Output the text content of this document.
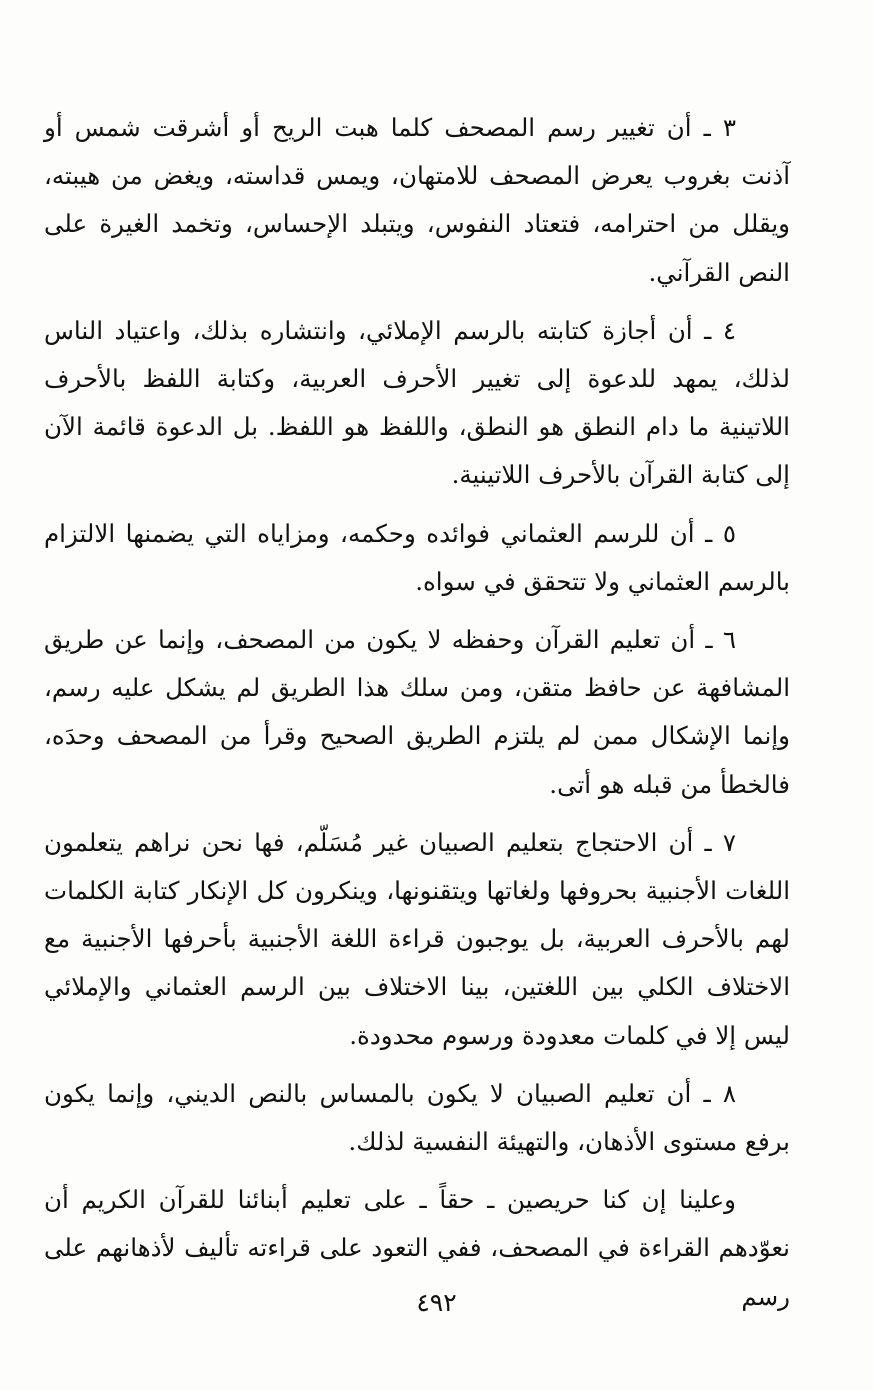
٣ ـ أن تغيير رسم المصحف كلما هبت الريح أو أشرقت شمس أو آذنت بغروب يعرض المصحف للامتهان، ويمس قداسته، ويغض من هيبته، ويقلل من احترامه، فتعتاد النفوس، ويتبلد الإحساس، وتخمد الغيرة على النص القرآني.

٤ ـ أن أجازة كتابته بالرسم الإملائي، وانتشاره بذلك، واعتياد الناس لذلك، يمهد للدعوة إلى تغيير الأحرف العربية، وكتابة اللفظ بالأحرف اللاتينية ما دام النطق هو النطق، واللفظ هو اللفظ. بل الدعوة قائمة الآن إلى كتابة القرآن بالأحرف اللاتينية.

٥ ـ أن للرسم العثماني فوائده وحكمه، ومزاياه التي يضمنها الالتزام بالرسم العثماني ولا تتحقق في سواه.

٦ ـ أن تعليم القرآن وحفظه لا يكون من المصحف، وإنما عن طريق المشافهة عن حافظ متقن، ومن سلك هذا الطريق لم يشكل عليه رسم، وإنما الإشكال ممن لم يلتزم الطريق الصحيح وقرأ من المصحف وحدَه، فالخطأ من قبله هو أتى.

٧ ـ أن الاحتجاج بتعليم الصبيان غير مُسَلّم، فها نحن نراهم يتعلمون اللغات الأجنبية بحروفها ولغاتها ويتقنونها، وينكرون كل الإنكار كتابة الكلمات لهم بالأحرف العربية، بل يوجبون قراءة اللغة الأجنبية بأحرفها الأجنبية مع الاختلاف الكلي بين اللغتين، بينا الاختلاف بين الرسم العثماني والإملائي ليس إلا في كلمات معدودة ورسوم محدودة.

٨ ـ أن تعليم الصبيان لا يكون بالمساس بالنص الديني، وإنما يكون برفع مستوى الأذهان، والتهيئة النفسية لذلك.

وعلينا إن كنا حريصين ـ حقاً ـ على تعليم أبنائنا للقرآن الكريم أن نعوّدهم القراءة في المصحف، ففي التعود على قراءته تأليف لأذهانهم على رسم

٤٩٢
